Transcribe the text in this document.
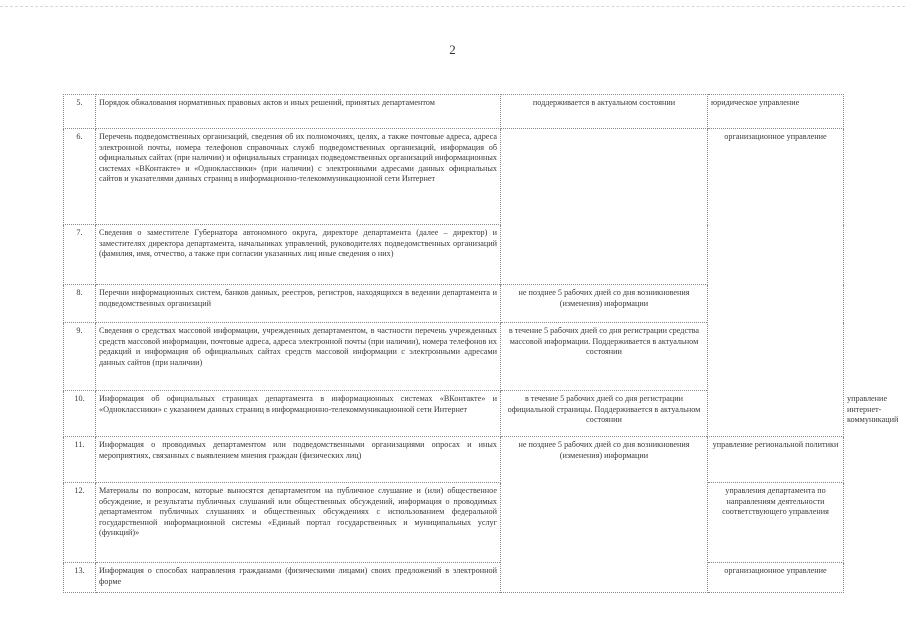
2
5.	Порядок обжалования нормативных правовых актов и иных решений, принятых департаментом	поддерживается в актуальном состоянии	юридическое управление	
6.	Перечень подведомственных организаций, сведения об их полномочиях, целях, а также почтовые адреса, адреса электронной почты, номера телефонов справочных служб подведомственных организаций, информация об официальных сайтах (при наличии) и официальных страницах подведомственных организаций информационных системах «ВКонтакте» и «Одноклассники» (при наличии) с электронными адресами данных официальных сайтов и указателями данных страниц в информационно-телекоммуникационной сети Интернет		организационное управление	
7.	Сведения о заместителе Губернатора автономного округа, директоре департамента (далее – директор) и заместителях директора департамента, начальниках управлений, руководителях подведомственных организаций (фамилия, имя, отчество, а также при согласии указанных лиц иные сведения о них)			
8.	Перечни информационных систем, банков данных, реестров, регистров, находящихся в ведении департамента и подведомственных организаций	не позднее 5 рабочих дней со дня возникновения (изменения) информации		
9.	Сведения о средствах массовой информации, учрежденных департаментом, в частности перечень учрежденных средств массовой информации, почтовые адреса, адреса электронной почты (при наличии), номера телефонов их редакций и информация об официальных сайтах средств массовой информации с электронными адресами данных сайтов (при наличии)	в течение 5 рабочих дней со дня регистрации средства массовой информации. Поддерживается в актуальном состоянии		
10.	Информация об официальных страницах департамента в информационных системах «ВКонтакте» и «Одноклассники» с указанием данных страниц в информационно-телекоммуникационной сети Интернет	в течение 5 рабочих дней со дня регистрации официальной страницы. Поддерживается в актуальном состоянии		управление интернет-коммуникаций
11.	Информация о проводимых департаментом или подведомственными организациями опросах и иных мероприятиях, связанных с выявлением мнения граждан (физических лиц)	не позднее 5 рабочих дней со дня возникновения (изменения) информации	управление региональной политики	
12.	Материалы по вопросам, которые выносятся департаментом на публичное слушание и (или) общественное обсуждение, и результаты публичных слушаний или общественных обсуждений, информация о проводимых департаментом публичных слушаниях и общественных обсуждениях с использованием федеральной государственной информационной системы «Единый портал государственных и муниципальных услуг (функций)»		управления департамента по направлениям деятельности соответствующего управления	
13.	Информация о способах направления гражданами (физическими лицами) своих предложений в электронной форме		организационное управление	
